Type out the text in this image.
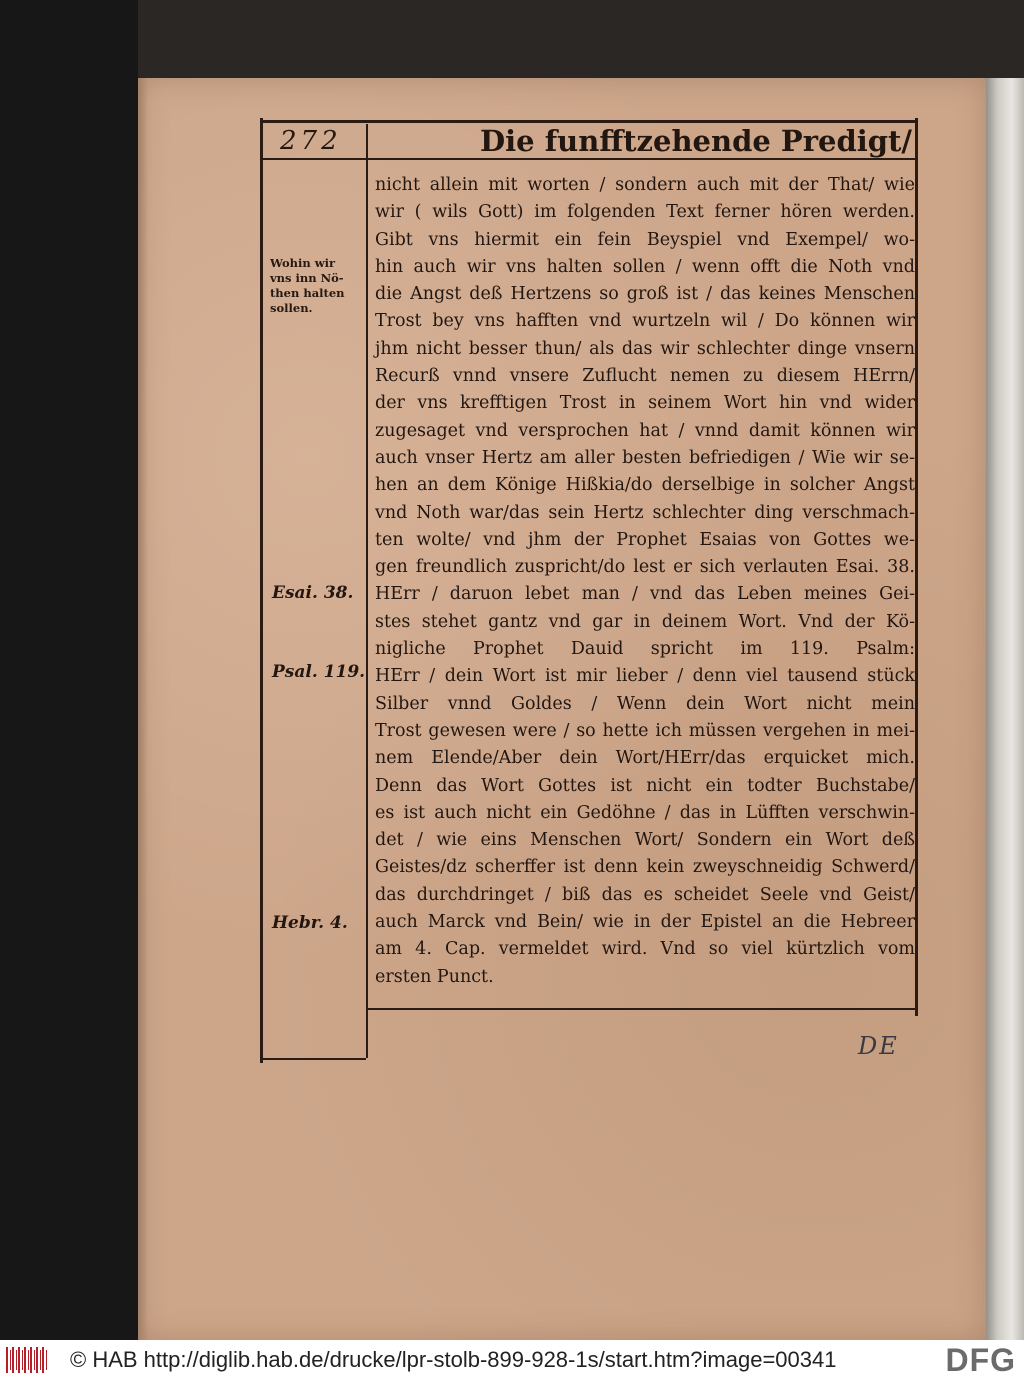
272	Die funfftzehende Predigt/
Wohin wir
vns inn Nö-
then halten
sollen.
Esai. 38.
Psal. 119.
Hebr. 4.
nicht allein mit worten / sondern auch mit der That/ wie
wir ( wils Gott) im folgenden Text ferner hören werden.
Gibt vns hiermit ein fein Beyspiel vnd Exempel/ wo-
hin auch wir vns halten sollen / wenn offt die Noth vnd
die Angst deß Hertzens so groß ist / das keines Menschen
Trost bey vns hafften vnd wurtzeln wil / Do können wir
jhm nicht besser thun/ als das wir schlechter dinge vnsern
Recurß vnnd vnsere Zuflucht nemen zu diesem HErrn/
der vns krefftigen Trost in seinem Wort hin vnd wider
zugesaget vnd versprochen hat / vnnd damit können wir
auch vnser Hertz am aller besten befriedigen / Wie wir se-
hen an dem Könige Hißkia/do derselbige in solcher Angst
vnd Noth war/das sein Hertz schlechter ding verschmach-
ten wolte/ vnd jhm der Prophet Esaias von Gottes we-
gen freundlich zuspricht/do lest er sich verlauten Esai. 38.
HErr / daruon lebet man / vnd das Leben meines Gei-
stes stehet gantz vnd gar in deinem Wort. Vnd der Kö-
nigliche Prophet Dauid spricht im 119. Psalm:
HErr / dein Wort ist mir lieber / denn viel tausend stück
Silber vnnd Goldes / Wenn dein Wort nicht mein
Trost gewesen were / so hette ich müssen vergehen in mei-
nem Elende/Aber dein Wort/HErr/das erquicket mich.
Denn das Wort Gottes ist nicht ein todter Buchstabe/
es ist auch nicht ein Gedöhne / das in Lüfften verschwin-
det / wie eins Menschen Wort/ Sondern ein Wort deß
Geistes/dz scherffer ist denn kein zweyschneidig Schwerd/
das durchdringet / biß das es scheidet Seele vnd Geist/
auch Marck vnd Bein/ wie in der Epistel an die Hebreer
am 4. Cap. vermeldet wird. Vnd so viel kürtzlich vom
ersten Punct.
DE
© HAB http://diglib.hab.de/drucke/lpr-stolb-899-928-1s/start.htm?image=00341	DFG
